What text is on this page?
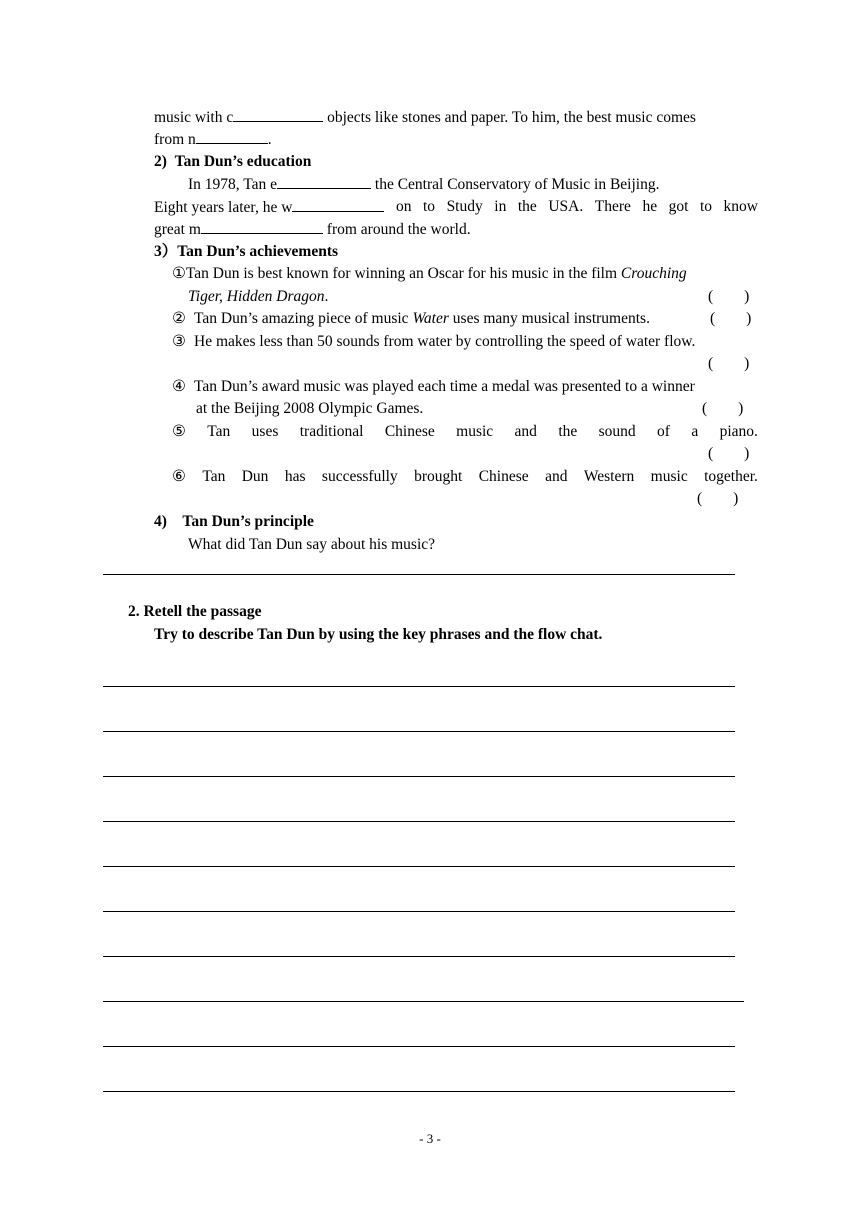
music with c	objects like stones and paper. To him, the best music comes
from n	.
2) Tan Dun’s education
In 1978, Tan e	the Central Conservatory of Music in Beijing.
Eight years later, he w	on to Study in the USA. There he got to know
great m	from around the world.
3）Tan Dun’s achievements
①Tan Dun is best known for winning an Oscar for his music in the film Crouching
Tiger, Hidden Dragon.	(　　)
② Tan Dun’s amazing piece of music Water uses many musical instruments.	(　　)
③ He makes less than 50 sounds from water by controlling the speed of water flow.
(　　)
④ Tan Dun’s award music was played each time a medal was presented to a winner
at the Beijing 2008 Olympic Games.	(　　)
⑤ Tan uses traditional Chinese music and the sound of a piano.
(　　)
⑥ Tan Dun has successfully brought Chinese and Western music together.
(　　)
4) Tan Dun’s principle
What did Tan Dun say about his music?
2. Retell the passage
Try to describe Tan Dun by using the key phrases and the flow chat.
- 3 -
